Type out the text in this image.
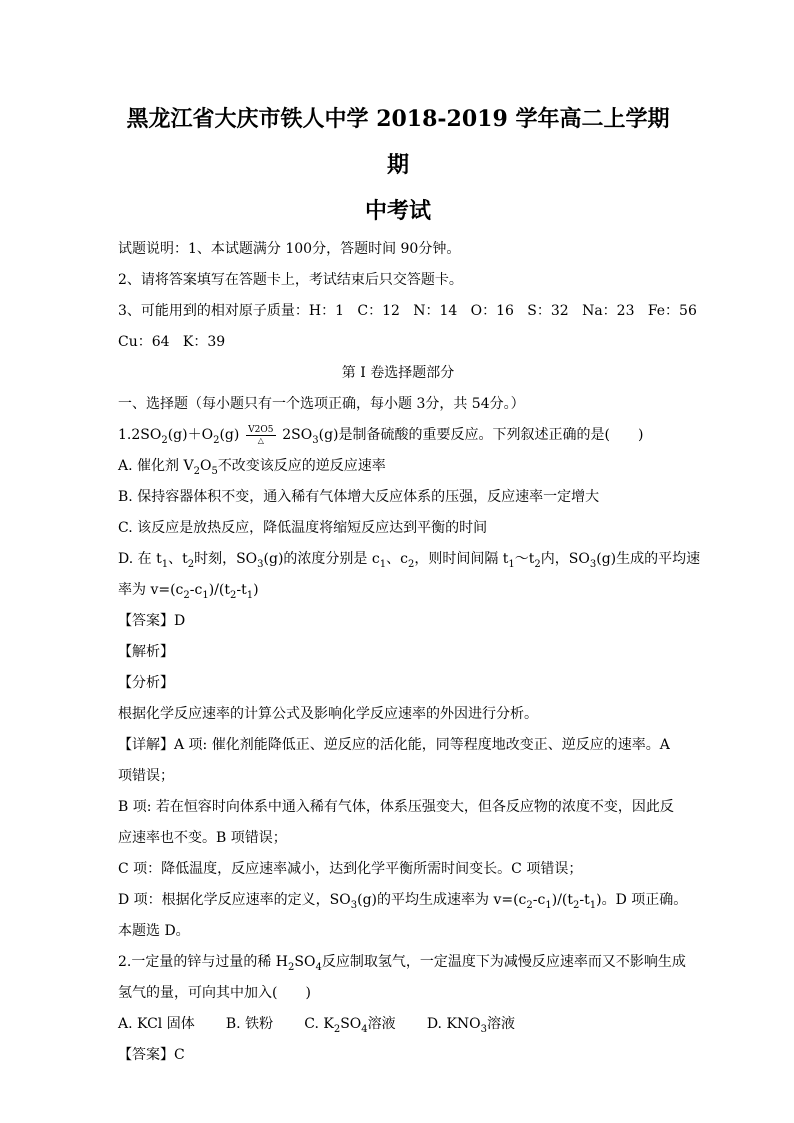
黑龙江省大庆市铁人中学 2018-2019 学年高二上学期期
中考试

试题说明：1、本试题满分 100分，答题时间 90分钟。

2、请将答案填写在答题卡上，考试结束后只交答题卡。

3、可能用到的相对原子质量：H：1   C：12   N：14   O：16   S：32   Na：23   Fe：56

Cu：64   K：39

第 I 卷选择题部分

一、选择题（每小题只有一个选项正确，每小题 3分，共 54分。）

$1.2SO_2(g)+O_2(g)$ V2O5
△	$2SO_3(g)$是制备硫酸的重要反应。下列叙述正确的是(　　)

A. 催化剂 $V_2O_5$不改变该反应的逆反应速率

B. 保持容器体积不变，通入稀有气体增大反应体系的压强，反应速率一定增大

C. 该反应是放热反应，降低温度将缩短反应达到平衡的时间

D. 在 $t_1$、$t_2$时刻，$SO_3(g)$的浓度分别是 $c_1$、$c_2$，则时间间隔 $t_1\sim t_2$内，$SO_3(g)$生成的平均速

率为 $v=(c_2-c_1)/(t_2-t_1)$

【答案】D

【解析】

【分析】

根据化学反应速率的计算公式及影响化学反应速率的外因进行分析。

【详解】A 项: 催化剂能降低正、逆反应的活化能，同等程度地改变正、逆反应的速率。A

项错误；

B 项: 若在恒容时向体系中通入稀有气体，体系压强变大，但各反应物的浓度不变，因此反

应速率也不变。B 项错误；

C 项：降低温度，反应速率减小，达到化学平衡所需时间变长。C 项错误；

D 项：根据化学反应速率的定义，$SO_3(g)$的平均生成速率为 $v=(c_2-c_1)/(t_2-t_1)$。D 项正确。

本题选 D。

2.一定量的锌与过量的稀 $H_2SO_4$反应制取氢气，一定温度下为减慢反应速率而又不影响生成

氢气的量，可向其中加入(　　)

A. KCl 固体 B. 铁粉 C. $K_2SO_4$溶液 D. $KNO_3$溶液

【答案】C
